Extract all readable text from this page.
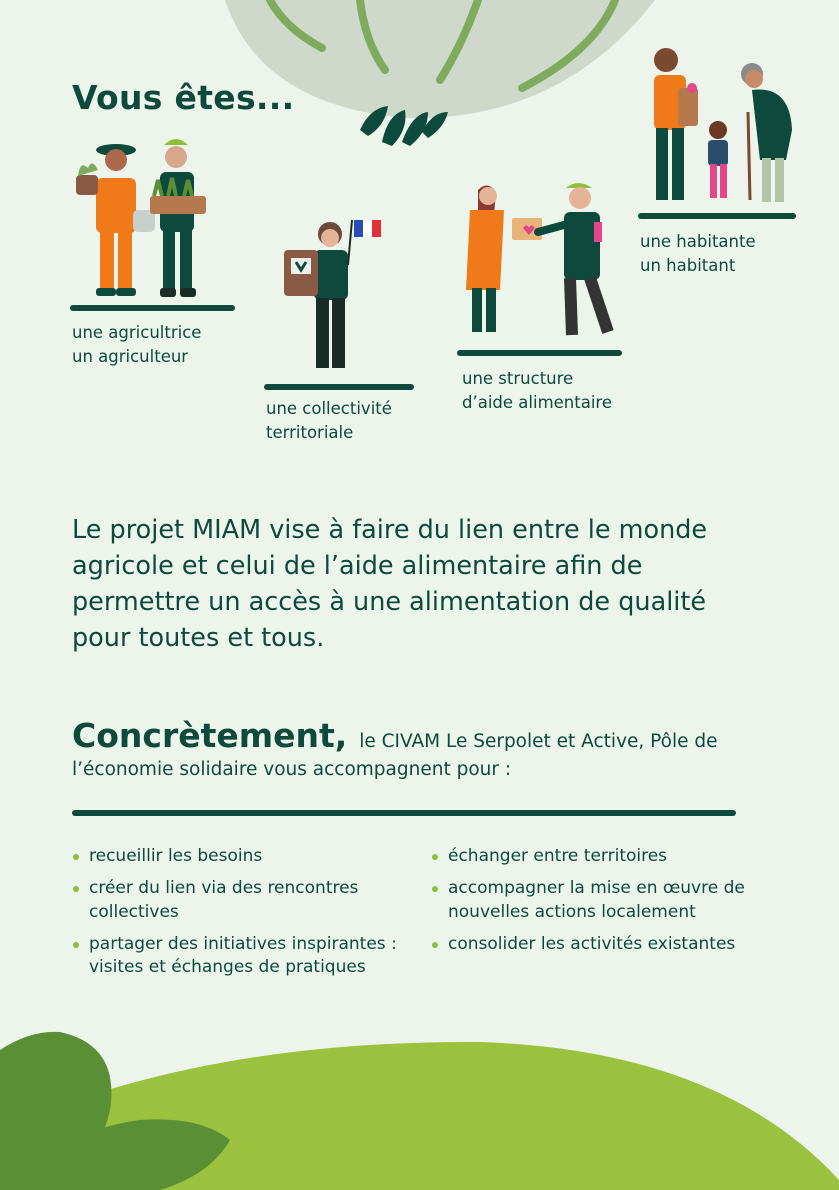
Vous êtes...
une agricultrice
un agriculteur
une collectivité
territoriale
une structure
d’aide alimentaire
une habitante
un habitant

Le projet MIAM vise à faire du lien entre le monde agricole et celui de l’aide alimentaire afin de permettre un accès à une alimentation de qualité pour toutes et tous.

Concrètement, le CIVAM Le Serpolet et Active, Pôle de l’économie solidaire vous accompagnent pour :

recueillir les besoins
créer du lien via des rencontres collectives
partager des initiatives inspirantes : visites et échanges de pratiques
échanger entre territoires
accompagner la mise en œuvre de nouvelles actions localement
consolider les activités existantes
